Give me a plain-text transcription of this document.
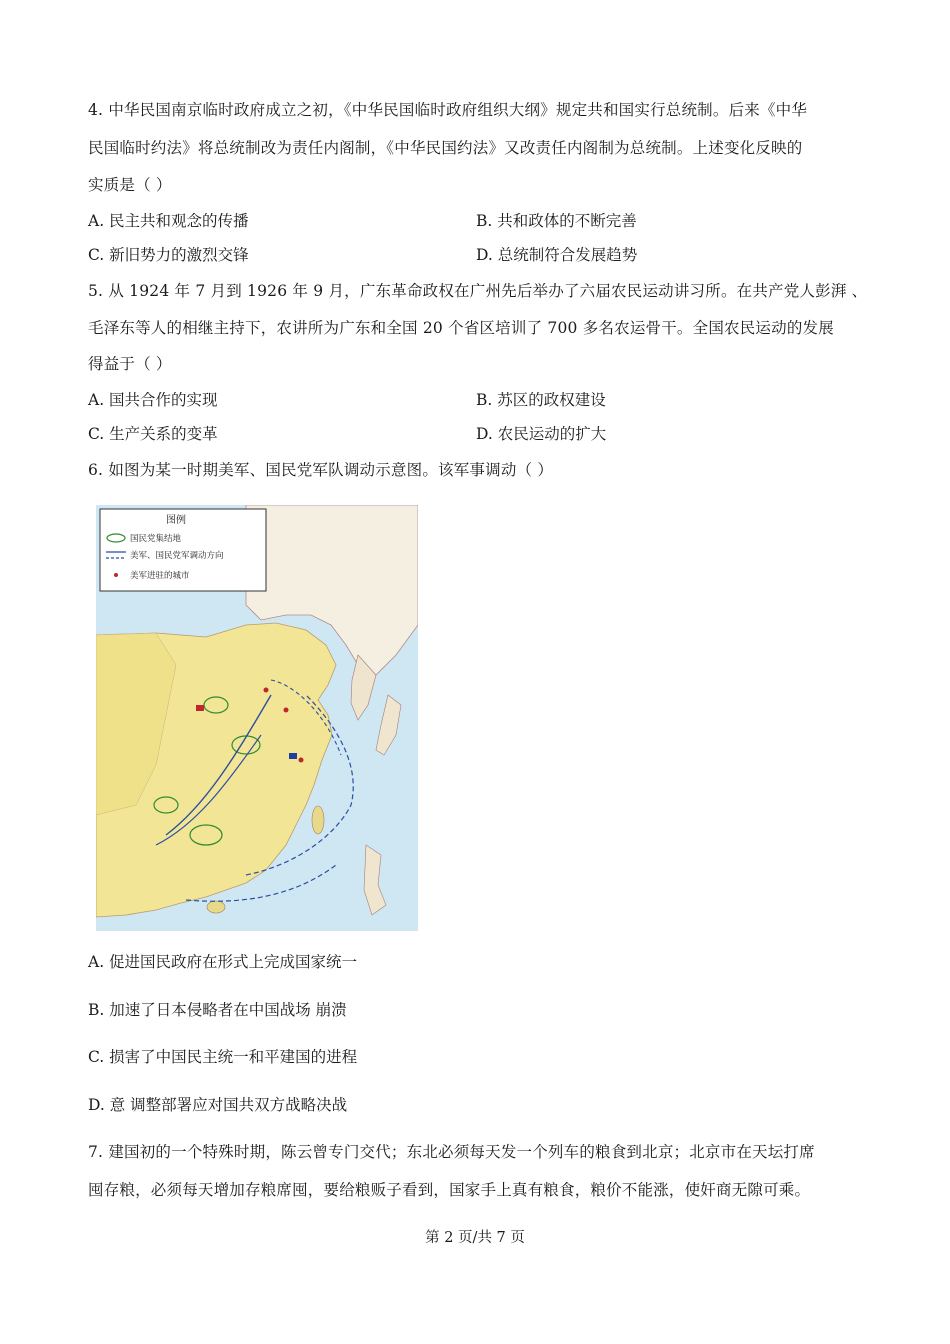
4. 中华民国南京临时政府成立之初，《中华民国临时政府组织大纲》规定共和国实行总统制。后来《中华
民国临时约法》将总统制改为责任内阁制，《中华民国约法》又改责任内阁制为总统制。上述变化反映的
实质是（ ）
A. 民主共和观念的传播	B. 共和政体的不断完善
C. 新旧势力的激烈交锋	D. 总统制符合发展趋势
5. 从 1924 年 7 月到 1926 年 9 月，广东革命政权在广州先后举办了六届农民运动讲习所。在共产党人彭湃 、
毛泽东等人的相继主持下，农讲所为广东和全国 20 个省区培训了 700 多名农运骨干。全国农民运动的发展
得益于（ ）
A. 国共合作的实现	B. 苏区的政权建设
C. 生产关系的变革	D. 农民运动的扩大
6. 如图为某一时期美军、国民党军队调动示意图。该军事调动（ ）
图例
国民党集结地
美军、国民党军调动方向
美军进驻的城市
A. 促进国民政府在形式上完成国家统一
B. 加速了日本侵略者在中国战场 崩溃
C. 损害了中国民主统一和平建国的进程
D. 意 调整部署应对国共双方战略决战
7. 建国初的一个特殊时期，陈云曾专门交代；东北必须每天发一个列车的粮食到北京；北京市在天坛打席
囤存粮，必须每天增加存粮席囤，要给粮贩子看到，国家手上真有粮食，粮价不能涨，使奸商无隙可乘。
第 2 页/共 7 页
